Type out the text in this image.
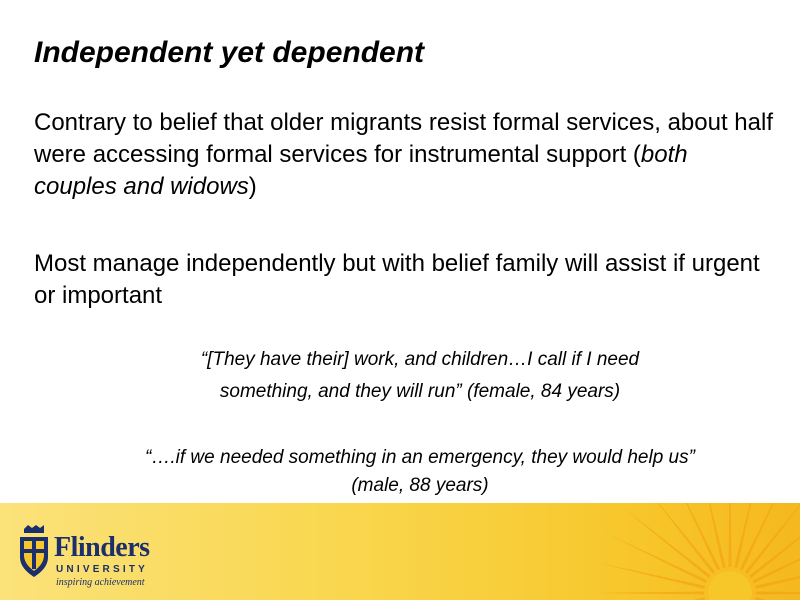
Independent yet dependent
Contrary to belief that older migrants resist formal services, about half were accessing formal services for instrumental support (both couples and widows)
Most manage independently but with belief family will assist if urgent or important
“[They have their] work, and children…I call if I need
something, and they will run” (female, 84 years)
“….if we needed something in an emergency, they would help us”
(male, 88 years)
Flinders
UNIVERSITY
inspiring achievement
